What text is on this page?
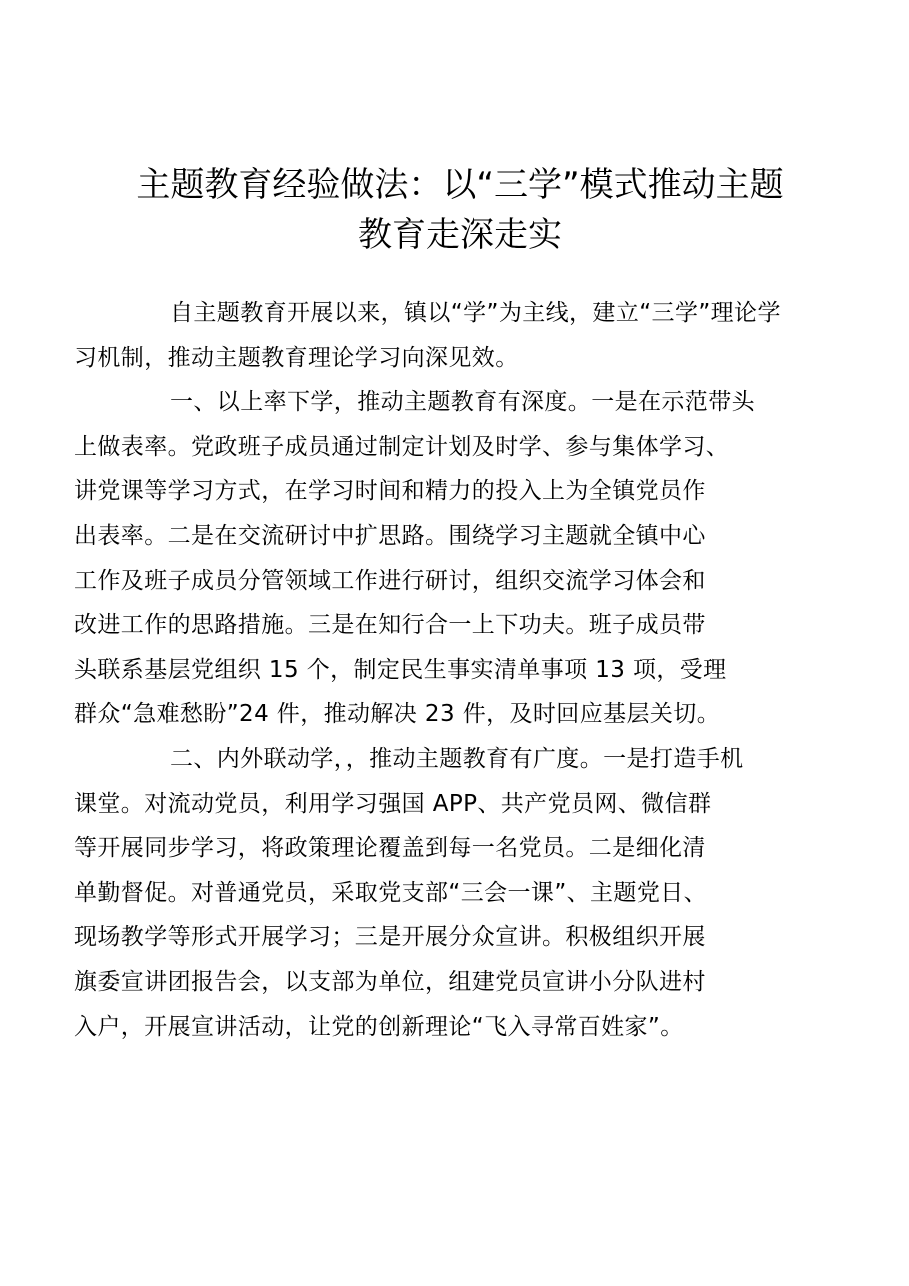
主题教育经验做法：以“三学”模式推动主题
教育走深走实

自主题教育开展以来，镇以“学”为主线，建立“三学”理论学
习机制，推动主题教育理论学习向深见效。

一、以上率下学，推动主题教育有深度。一是在示范带头
上做表率。党政班子成员通过制定计划及时学、参与集体学习、
讲党课等学习方式，在学习时间和精力的投入上为全镇党员作
出表率。二是在交流研讨中扩思路。围绕学习主题就全镇中心
工作及班子成员分管领域工作进行研讨，组织交流学习体会和
改进工作的思路措施。三是在知行合一上下功夫。班子成员带
头联系基层党组织 15 个，制定民生事实清单事项 13 项，受理
群众“急难愁盼”24 件，推动解决 23 件，及时回应基层关切。

二、内外联动学，，推动主题教育有广度。一是打造手机
课堂。对流动党员，利用学习强国 APP、共产党员网、微信群
等开展同步学习，将政策理论覆盖到每一名党员。二是细化清
单勤督促。对普通党员，采取党支部“三会一课”、主题党日、
现场教学等形式开展学习；三是开展分众宣讲。积极组织开展
旗委宣讲团报告会，以支部为单位，组建党员宣讲小分队进村
入户，开展宣讲活动，让党的创新理论“飞入寻常百姓家”。
